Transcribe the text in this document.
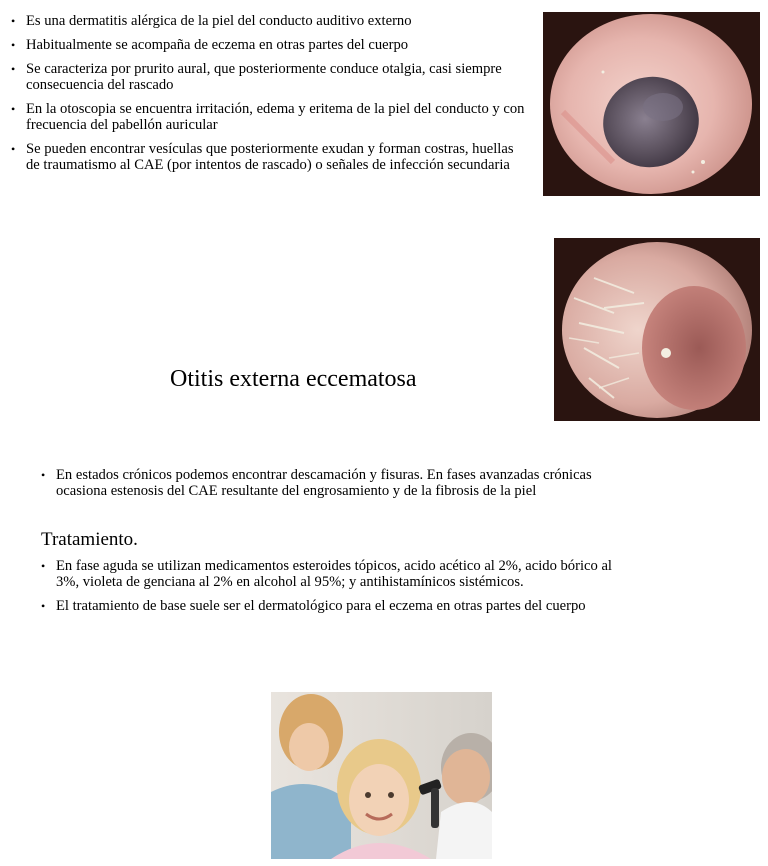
• Es una dermatitis alérgica de la piel del conducto auditivo externo
• Habitualmente se acompaña de eczema en otras partes del cuerpo
• Se caracteriza por prurito aural, que posteriormente conduce otalgia, casi siempre consecuencia del rascado
• En la otoscopia se encuentra irritación, edema y eritema de la piel del conducto y con frecuencia del pabellón auricular
• Se pueden encontrar vesículas que posteriormente exudan y forman costras, huellas de traumatismo al CAE (por intentos de rascado) o señales de infección secundaria
Otitis externa eccematosa
• En estados crónicos podemos encontrar descamación y fisuras. En fases avanzadas crónicas ocasiona estenosis del CAE resultante del engrosamiento y de la fibrosis de la piel
Tratamiento.
• En fase aguda se utilizan medicamentos esteroides tópicos, acido acético al 2%, acido bórico al 3%, violeta de genciana al 2% en alcohol al 95%; y antihistamínicos sistémicos.
• El tratamiento de base suele ser el dermatológico para el eczema en otras partes del cuerpo
